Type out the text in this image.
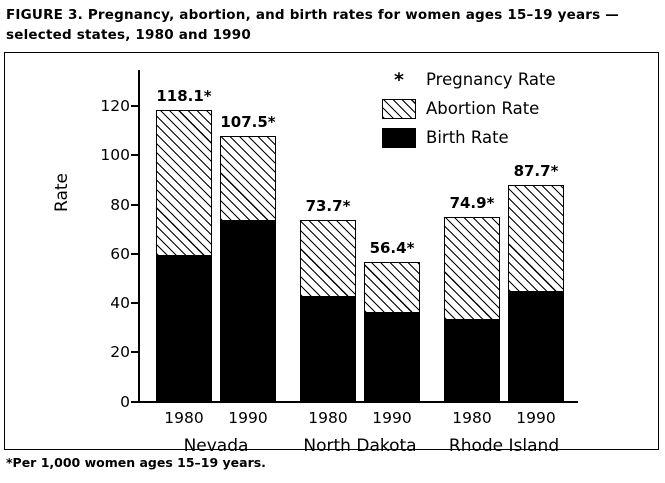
FIGURE 3. Pregnancy, abortion, and birth rates for women ages 15–19 years — selected states, 1980 and 1990
Rate
0
20
40
60
80
100
120
118.1*
107.5*
73.7*
56.4*
74.9*
87.7*
1980	1990	1980	1990	1980	1990
Nevada	North Dakota	Rhode Island
*	Pregnancy Rate
Abortion Rate
Birth Rate
*Per 1,000 women ages 15–19 years.
